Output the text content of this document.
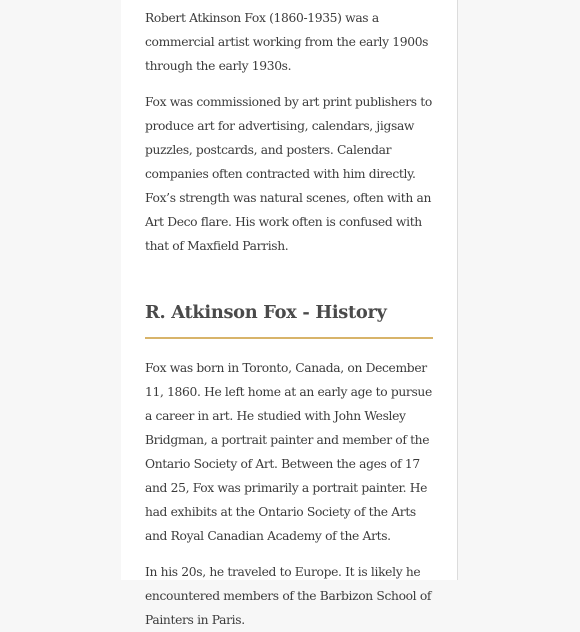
Robert Atkinson Fox (1860-1935) was a commercial artist working from the early 1900s through the early 1930s.

Fox was commissioned by art print publishers to produce art for advertising, calendars, jigsaw puzzles, postcards, and posters. Calendar companies often contracted with him directly. Fox’s strength was natural scenes, often with an Art Deco flare. His work often is confused with that of Maxfield Parrish.

R. Atkinson Fox - History

Fox was born in Toronto, Canada, on December 11, 1860. He left home at an early age to pursue a career in art. He studied with John Wesley Bridgman, a portrait painter and member of the Ontario Society of Art. Between the ages of 17 and 25, Fox was primarily a portrait painter. He had exhibits at the Ontario Society of the Arts and Royal Canadian Academy of the Arts.

In his 20s, he traveled to Europe. It is likely he encountered members of the Barbizon School of Painters in Paris.
